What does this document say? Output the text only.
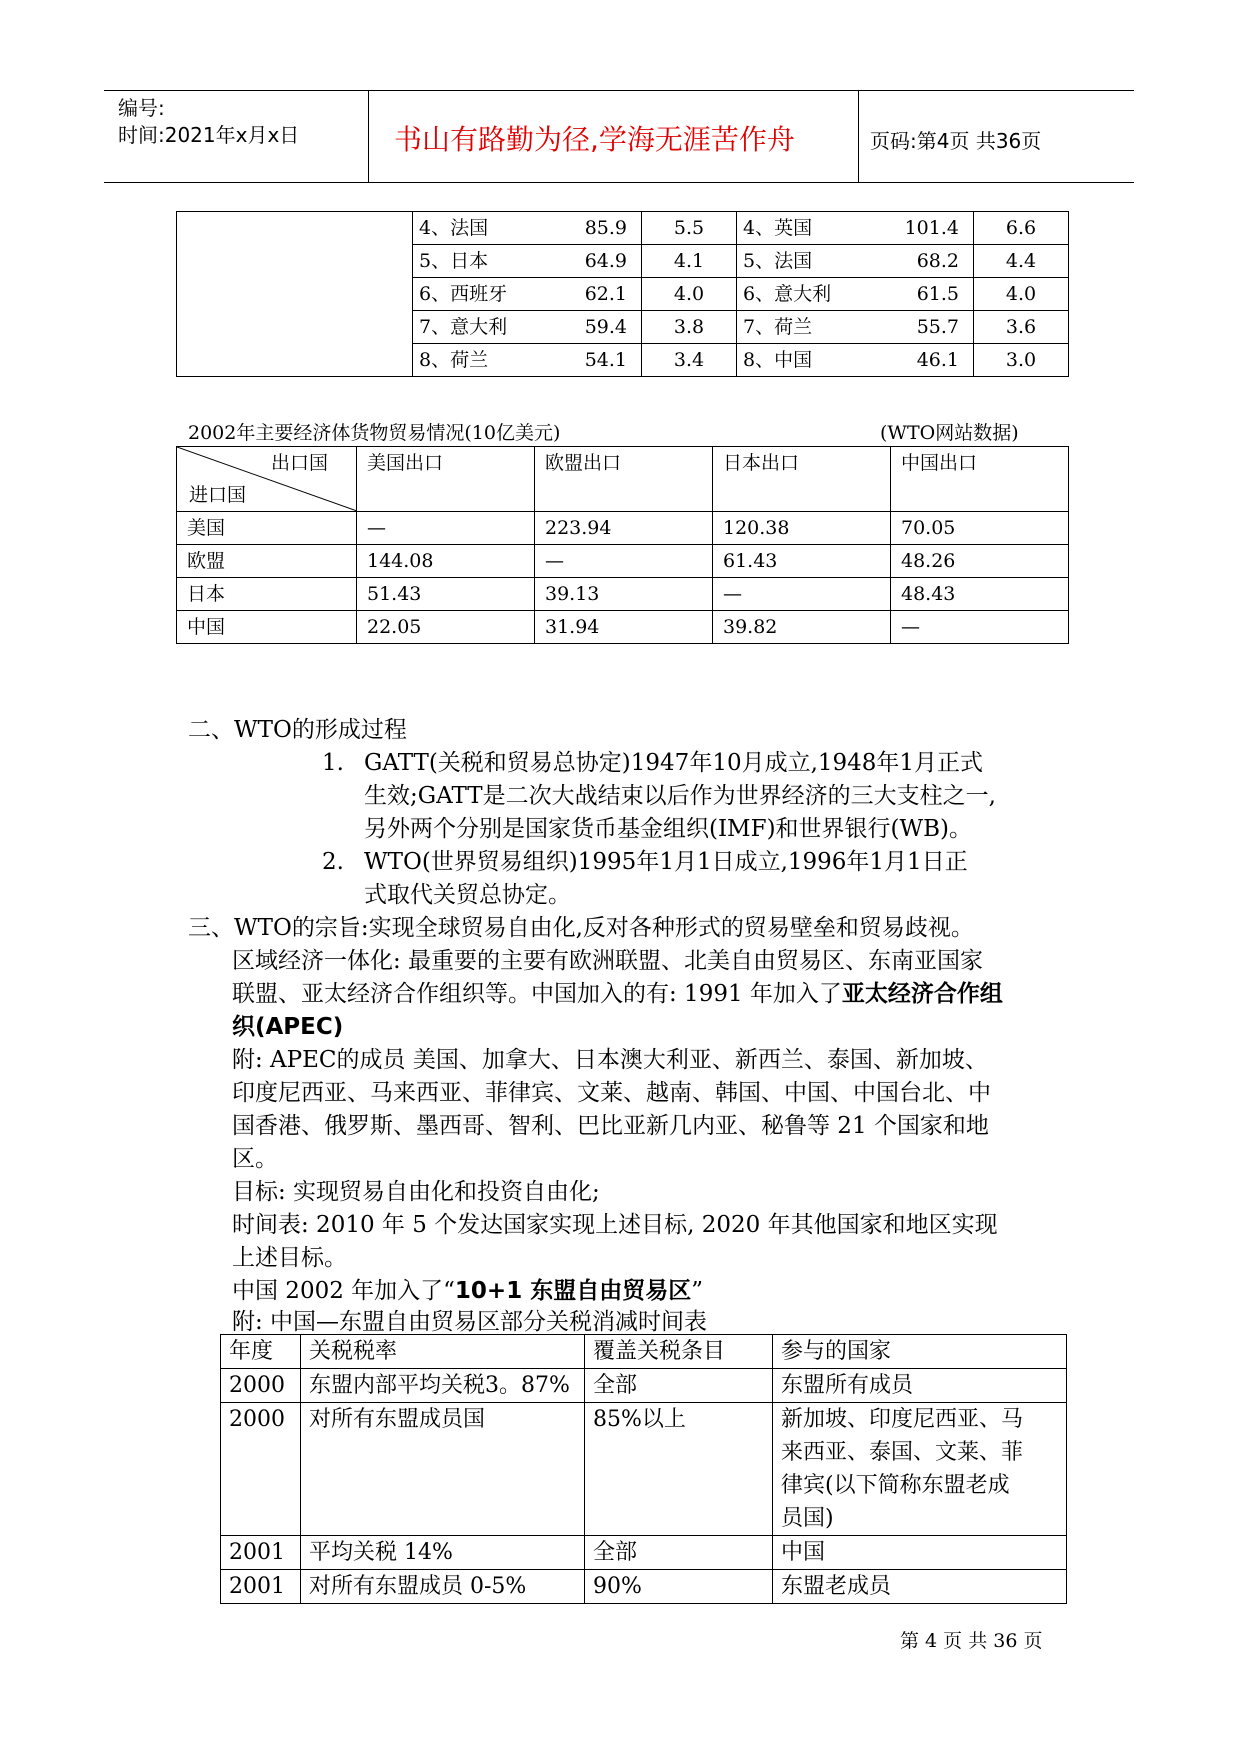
编号:
时间:2021年x月x日	书山有路勤为径,学海无涯苦作舟	页码:第4页 共36页

	4、法国 85.9	5.5	4、英国 101.4	6.6

	5、日本 64.9	4.1	5、法国 68.2	4.4

	6、西班牙 62.1	4.0	6、意大利 61.5	4.0

	7、意大利 59.4	3.8	7、荷兰 55.7	3.6

	8、荷兰 54.1	3.4	8、中国 46.1	3.0
2002年主要经济体货物贸易情况(10亿美元)	(WTO网站数据)
出口国
进口国	美国出口	欧盟出口	日本出口	中国出口
美国	—	223.94	120.38	70.05
欧盟	144.08	—	61.43	48.26
日本	51.43	39.13	—	48.43
中国	22.05	31.94	39.82	—
二、WTO的形成过程
1. GATT(关税和贸易总协定)1947年10月成立,1948年1月正式
生效;GATT是二次大战结束以后作为世界经济的三大支柱之一,
另外两个分别是国家货币基金组织(IMF)和世界银行(WB)。
2. WTO(世界贸易组织)1995年1月1日成立,1996年1月1日正
式取代关贸总协定。
三、WTO的宗旨:实现全球贸易自由化,反对各种形式的贸易壁垒和贸易歧视。
区域经济一体化: 最重要的主要有欧洲联盟、北美自由贸易区、东南亚国家
联盟、亚太经济合作组织等。中国加入的有: 1991 年加入了亚太经济合作组
织(APEC)
附: APEC的成员 美国、加拿大、日本澳大利亚、新西兰、泰国、新加坡、
印度尼西亚、马来西亚、菲律宾、文莱、越南、韩国、中国、中国台北、中
国香港、俄罗斯、墨西哥、智利、巴比亚新几内亚、秘鲁等 21 个国家和地
区。
目标: 实现贸易自由化和投资自由化;
时间表: 2010 年 5 个发达国家实现上述目标, 2020 年其他国家和地区实现
上述目标。
中国 2002 年加入了“10+1 东盟自由贸易区”
附: 中国—东盟自由贸易区部分关税消减时间表
年度	关税税率	覆盖关税条目	参与的国家
2000	东盟内部平均关税3。87%	全部	东盟所有成员
2000	对所有东盟成员国	85%以上	新加坡、印度尼西亚、马
来西亚、泰国、文莱、菲
律宾(以下简称东盟老成
员国)

2001	平均关税 14%	全部	中国
2001	对所有东盟成员 0-5%	90%	东盟老成员
第 4 页 共 36 页
